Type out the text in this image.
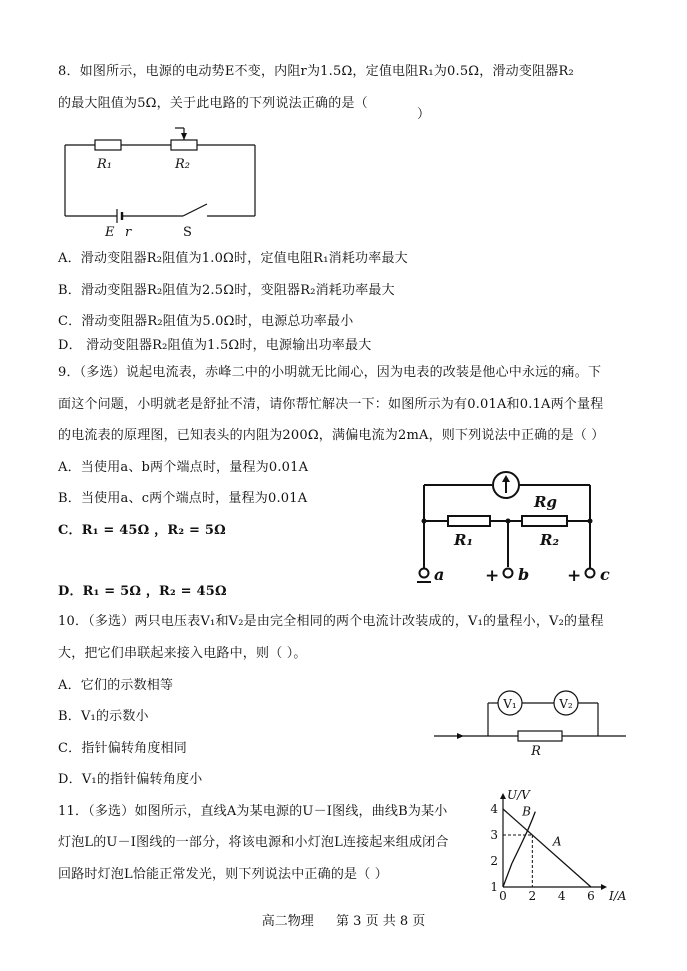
8．如图所示，电源的电动势E不变，内阻r为1.5Ω，定值电阻R₁为0.5Ω，滑动变阻器R₂
的最大阻值为5Ω，关于此电路的下列说法正确的是（
）
R₁	R₂
E r	S
A．滑动变阻器R₂阻值为1.0Ω时，定值电阻R₁消耗功率最大
B．滑动变阻器R₂阻值为2.5Ω时，变阻器R₂消耗功率最大
C．滑动变阻器R₂阻值为5.0Ω时，电源总功率最小
D． 滑动变阻器R₂阻值为1.5Ω时，电源输出功率最大
9．（多选）说起电流表，赤峰二中的小明就无比闹心，因为电表的改装是他心中永远的痛。下
面这个问题，小明就老是舒扯不清，请你帮忙解决一下：如图所示为有0.01A和0.1A两个量程
的电流表的原理图，已知表头的内阻为200Ω，满偏电流为2mA，则下列说法中正确的是（ ）
A．当使用a、b两个端点时，量程为0.01A
B．当使用a、c两个端点时，量程为0.01A
C．R₁ = 45Ω ，R₂ = 5Ω
D．R₁ = 5Ω ，R₂ = 45Ω
Rg
R₁	R₂
a + b + c
10．（多选）两只电压表V₁和V₂是由完全相同的两个电流计改装成的，V₁的量程小，V₂的量程
大，把它们串联起来接入电路中，则（ ）。
A．它们的示数相等
B．V₁的示数小
C．指针偏转角度相同
D．V₁的指针偏转角度小
V₁	V₂
R
11．（多选）如图所示，直线A为某电源的U－I图线，曲线B为某小
灯泡L的U－I图线的一部分，将该电源和小灯泡L连接起来组成闭合
回路时灯泡L恰能正常发光，则下列说法中正确的是（ ）
0 2 4 6
1
2
3
4
I/A
U/V
A
B
高二物理 第 3 页 共 8 页
